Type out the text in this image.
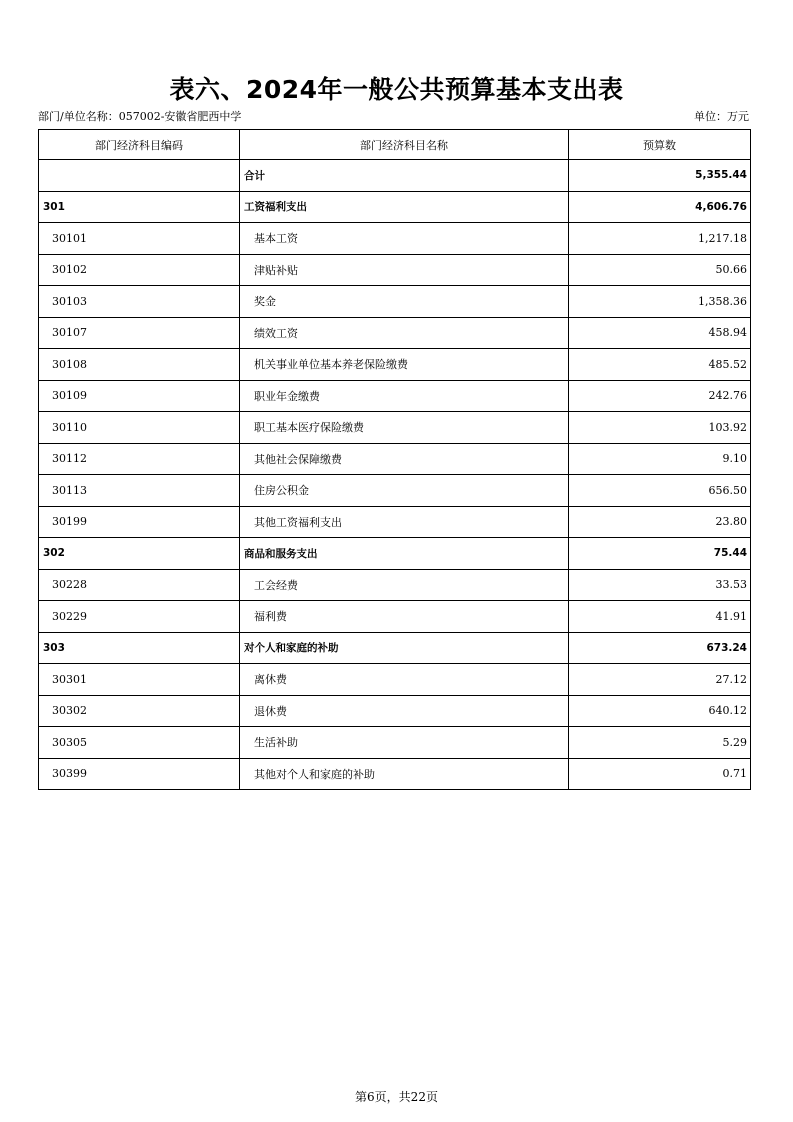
表六、2024年一般公共预算基本支出表
部门/单位名称：057002-安徽省肥西中学	单位：万元
部门经济科目编码	部门经济科目名称	预算数
	合计	5,355.44
301	工资福利支出	4,606.76
30101	基本工资	1,217.18
30102	津贴补贴	50.66
30103	奖金	1,358.36
30107	绩效工资	458.94
30108	机关事业单位基本养老保险缴费	485.52
30109	职业年金缴费	242.76
30110	职工基本医疗保险缴费	103.92
30112	其他社会保障缴费	9.10
30113	住房公积金	656.50
30199	其他工资福利支出	23.80
302	商品和服务支出	75.44
30228	工会经费	33.53
30229	福利费	41.91
303	对个人和家庭的补助	673.24
30301	离休费	27.12
30302	退休费	640.12
30305	生活补助	5.29
30399	其他对个人和家庭的补助	0.71
第6页，共22页
